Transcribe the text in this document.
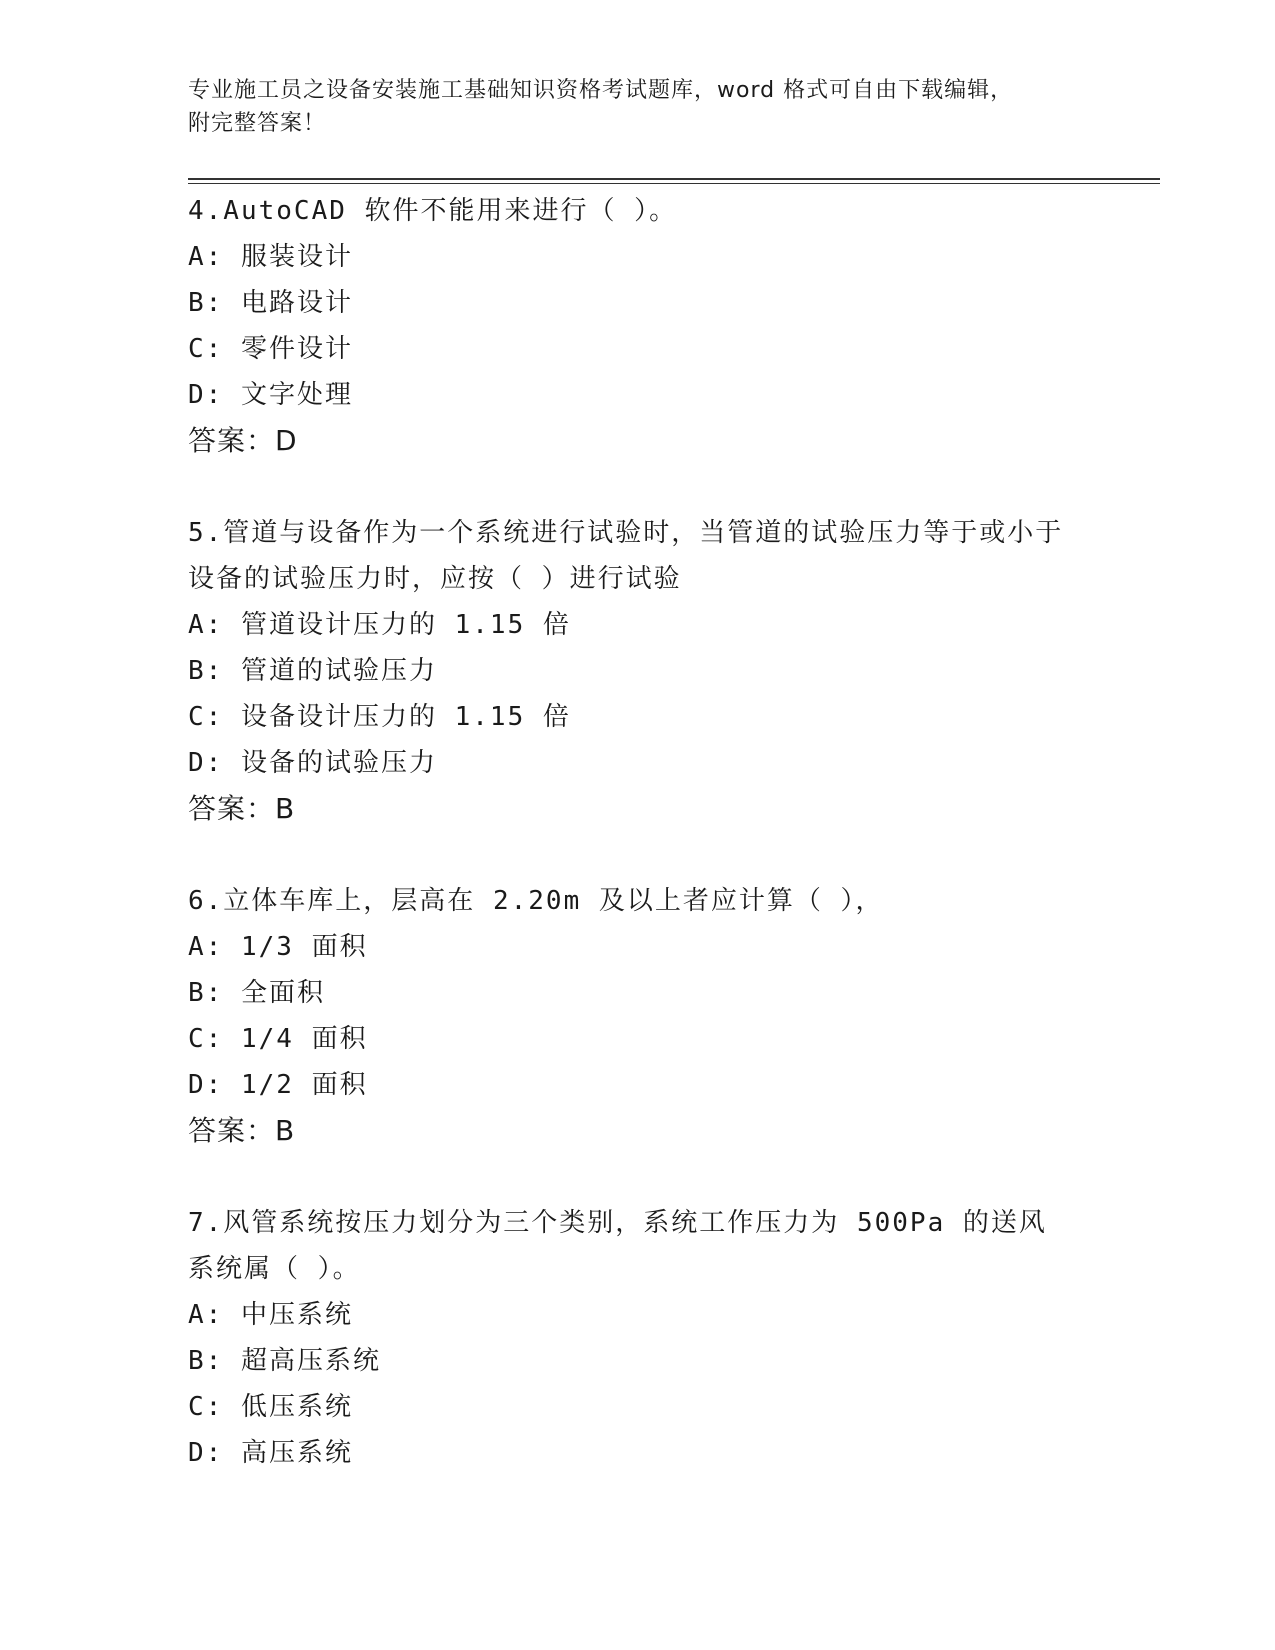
专业施工员之设备安装施工基础知识资格考试题库，word 格式可自由下载编辑，
附完整答案！
4.AutoCAD 软件不能用来进行（ ）。
A: 服装设计
B: 电路设计
C: 零件设计
D: 文字处理
答案：D
5.管道与设备作为一个系统进行试验时，当管道的试验压力等于或小于设备的试验压力时，应按（ ）进行试验
A: 管道设计压力的 1.15 倍
B: 管道的试验压力
C: 设备设计压力的 1.15 倍
D: 设备的试验压力
答案：B
6.立体车库上，层高在 2.20m 及以上者应计算（ ），
A: 1/3 面积
B: 全面积
C: 1/4 面积
D: 1/2 面积
答案：B
7.风管系统按压力划分为三个类别，系统工作压力为 500Pa 的送风系统属（ ）。
A: 中压系统
B: 超高压系统
C: 低压系统
D: 高压系统
